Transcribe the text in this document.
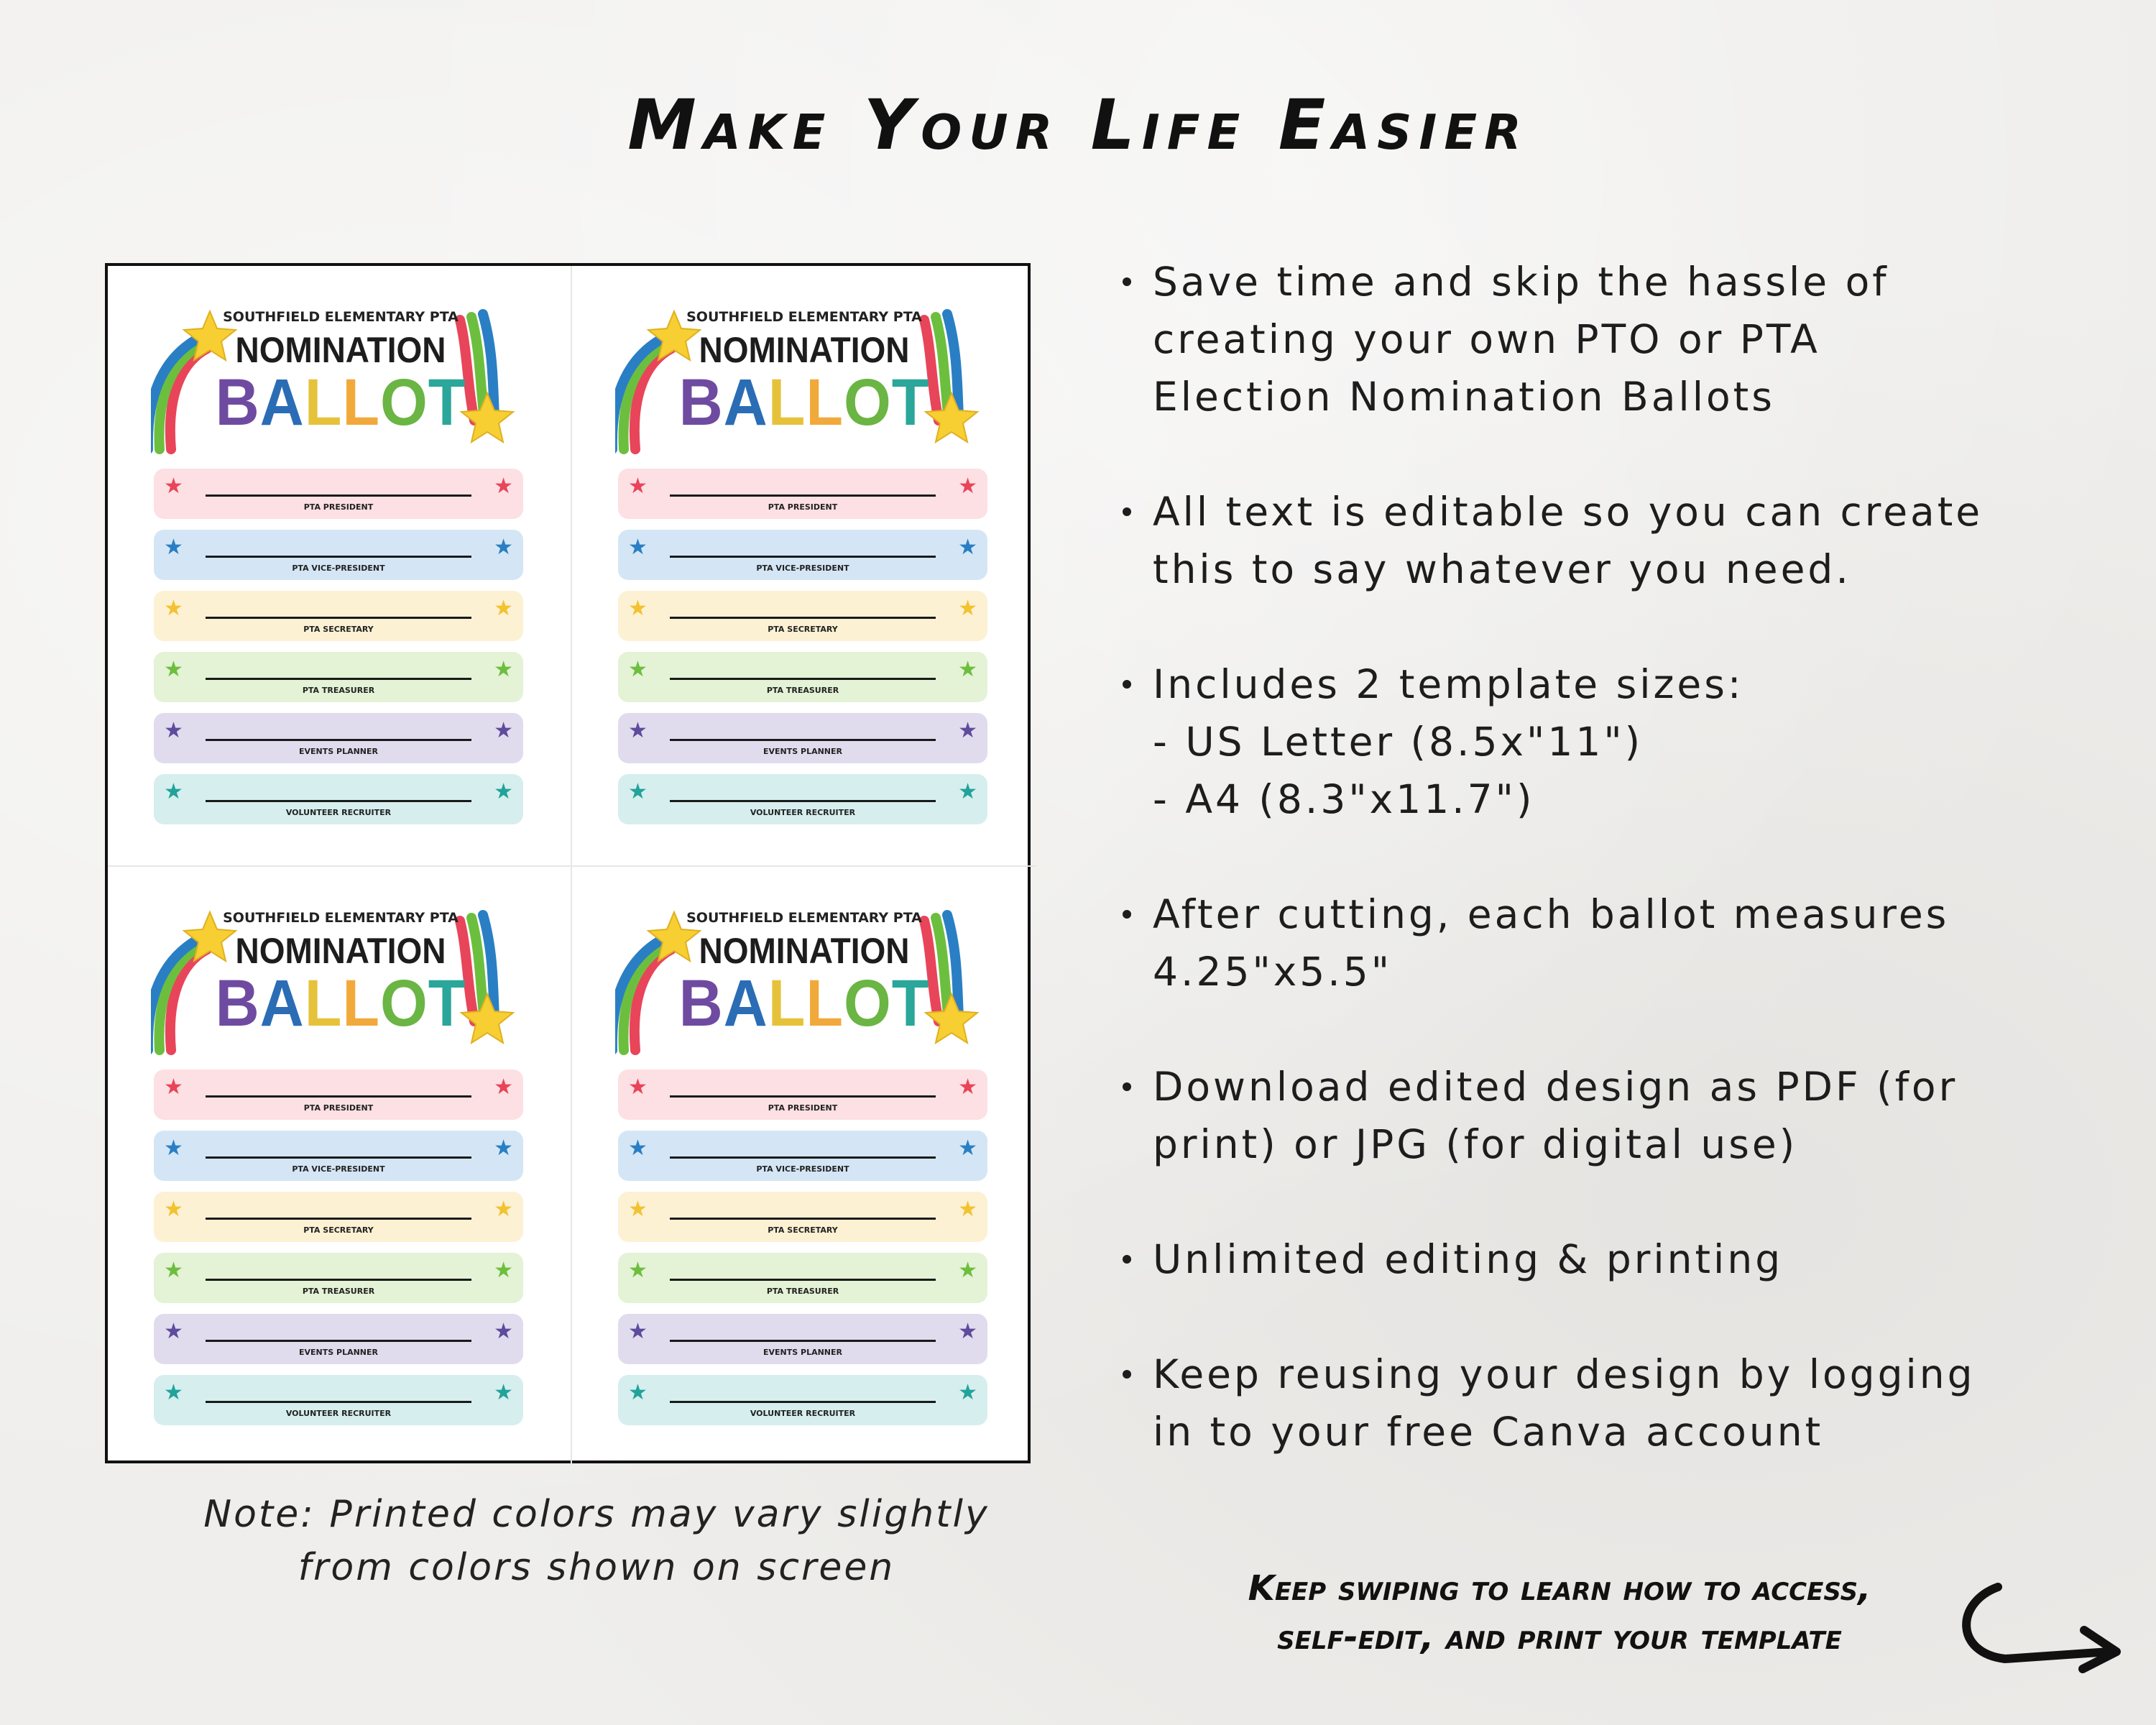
Make Your Life Easier
SOUTHFIELD ELEMENTARY PTA
NOMINATION
BALLOT
★	★
PTA PRESIDENT
★	★
PTA VICE-PRESIDENT
★	★
PTA SECRETARY
★	★
PTA TREASURER
★	★
EVENTS PLANNER
★	★
VOLUNTEER RECRUITER
SOUTHFIELD ELEMENTARY PTA
NOMINATION
BALLOT
★	★
PTA PRESIDENT
★	★
PTA VICE-PRESIDENT
★	★
PTA SECRETARY
★	★
PTA TREASURER
★	★
EVENTS PLANNER
★	★
VOLUNTEER RECRUITER
SOUTHFIELD ELEMENTARY PTA
NOMINATION
BALLOT
★	★
PTA PRESIDENT
★	★
PTA VICE-PRESIDENT
★	★
PTA SECRETARY
★	★
PTA TREASURER
★	★
EVENTS PLANNER
★	★
VOLUNTEER RECRUITER
SOUTHFIELD ELEMENTARY PTA
NOMINATION
BALLOT
★	★
PTA PRESIDENT
★	★
PTA VICE-PRESIDENT
★	★
PTA SECRETARY
★	★
PTA TREASURER
★	★
EVENTS PLANNER
★	★
VOLUNTEER RECRUITER
Save time and skip the hassle of
creating your own PTO or PTA
Election Nomination Ballots
All text is editable so you can create
this to say whatever you need.
Includes 2 template sizes:
- US Letter (8.5x"11")
- A4 (8.3"x11.7")
After cutting, each ballot measures
4.25"x5.5"
Download edited design as PDF (for
print) or JPG (for digital use)
Unlimited editing & printing
Keep reusing your design by logging
in to your free Canva account
Note: Printed colors may vary slightly
from colors shown on screen	Keep swiping to learn how to access,
self-edit, and print your template
